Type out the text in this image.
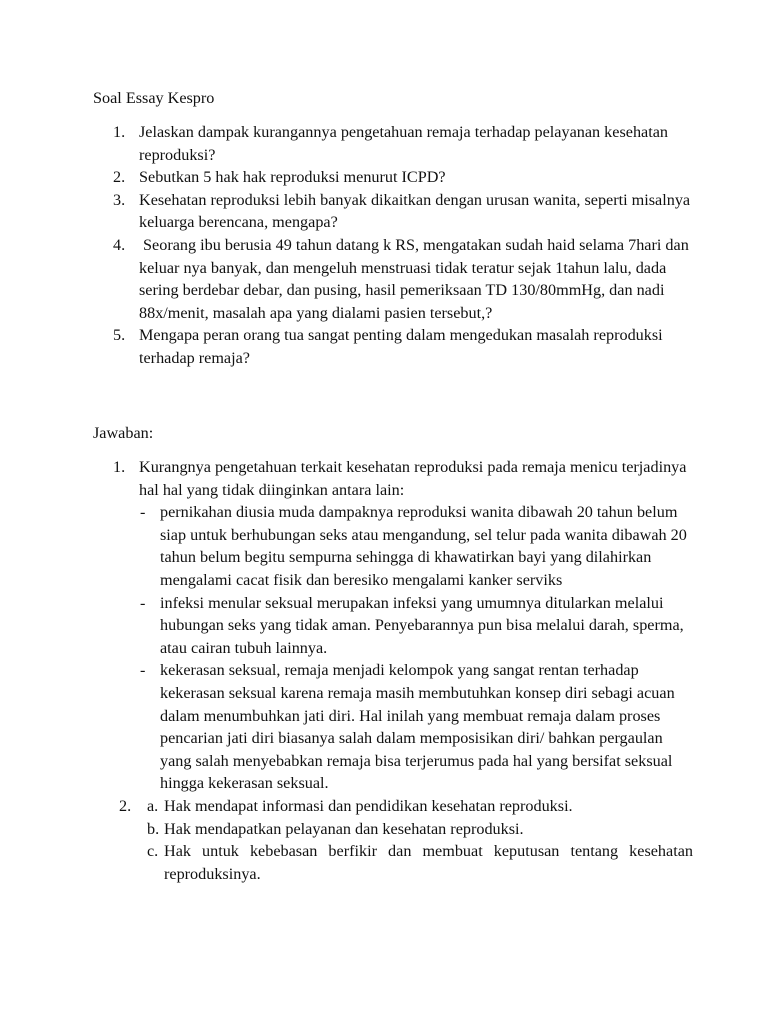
Soal Essay Kespro
1. Jelaskan dampak kurangannya pengetahuan remaja terhadap pelayanan kesehatan reproduksi?
2. Sebutkan 5 hak hak reproduksi menurut ICPD?
3. Kesehatan reproduksi lebih banyak dikaitkan dengan urusan wanita, seperti misalnya keluarga berencana, mengapa?
4. Seorang ibu berusia 49 tahun datang k RS, mengatakan sudah haid selama 7hari dan keluar nya banyak, dan mengeluh menstruasi tidak teratur sejak 1tahun lalu, dada sering berdebar debar, dan pusing, hasil pemeriksaan TD 130/80mmHg, dan nadi 88x/menit, masalah apa yang dialami pasien tersebut,?
5. Mengapa peran orang tua sangat penting dalam mengedukan masalah reproduksi terhadap remaja?
Jawaban:
1. Kurangnya pengetahuan terkait kesehatan reproduksi pada remaja menicu terjadinya hal hal yang tidak diinginkan antara lain:
- pernikahan diusia muda dampaknya reproduksi wanita dibawah 20 tahun belum siap untuk berhubungan seks atau mengandung, sel telur pada wanita dibawah 20 tahun belum begitu sempurna sehingga di khawatirkan bayi yang dilahirkan mengalami cacat fisik dan beresiko mengalami kanker serviks
- infeksi menular seksual merupakan infeksi yang umumnya ditularkan melalui hubungan seks yang tidak aman. Penyebarannya pun bisa melalui darah, sperma, atau cairan tubuh lainnya.
- kekerasan seksual, remaja menjadi kelompok yang sangat rentan terhadap kekerasan seksual karena remaja masih membutuhkan konsep diri sebagi acuan dalam menumbuhkan jati diri. Hal inilah yang membuat remaja dalam proses pencarian jati diri biasanya salah dalam memposisikan diri/ bahkan pergaulan yang salah menyebabkan remaja bisa terjerumus pada hal yang bersifat seksual hingga kekerasan seksual.
2. a. Hak mendapat informasi dan pendidikan kesehatan reproduksi.
b. Hak mendapatkan pelayanan dan kesehatan reproduksi.
c. Hak untuk kebebasan berfikir dan membuat keputusan tentang kesehatan reproduksinya.
